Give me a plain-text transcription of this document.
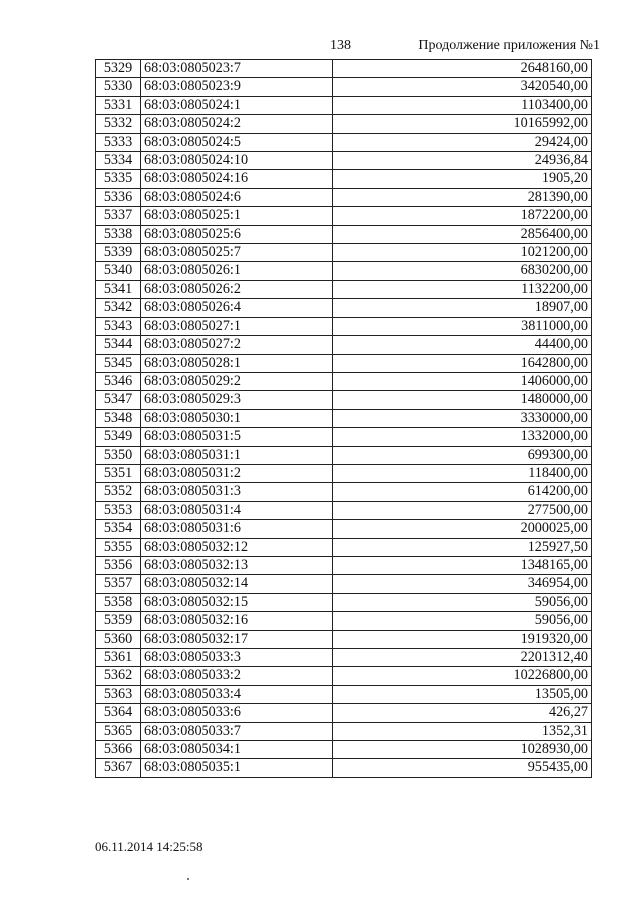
138	Продолжение приложения №1
5329	68:03:0805023:7	2648160,00
5330	68:03:0805023:9	3420540,00
5331	68:03:0805024:1	1103400,00
5332	68:03:0805024:2	10165992,00
5333	68:03:0805024:5	29424,00
5334	68:03:0805024:10	24936,84
5335	68:03:0805024:16	1905,20
5336	68:03:0805024:6	281390,00
5337	68:03:0805025:1	1872200,00
5338	68:03:0805025:6	2856400,00
5339	68:03:0805025:7	1021200,00
5340	68:03:0805026:1	6830200,00
5341	68:03:0805026:2	1132200,00
5342	68:03:0805026:4	18907,00
5343	68:03:0805027:1	3811000,00
5344	68:03:0805027:2	44400,00
5345	68:03:0805028:1	1642800,00
5346	68:03:0805029:2	1406000,00
5347	68:03:0805029:3	1480000,00
5348	68:03:0805030:1	3330000,00
5349	68:03:0805031:5	1332000,00
5350	68:03:0805031:1	699300,00
5351	68:03:0805031:2	118400,00
5352	68:03:0805031:3	614200,00
5353	68:03:0805031:4	277500,00
5354	68:03:0805031:6	2000025,00
5355	68:03:0805032:12	125927,50
5356	68:03:0805032:13	1348165,00
5357	68:03:0805032:14	346954,00
5358	68:03:0805032:15	59056,00
5359	68:03:0805032:16	59056,00
5360	68:03:0805032:17	1919320,00
5361	68:03:0805033:3	2201312,40
5362	68:03:0805033:2	10226800,00
5363	68:03:0805033:4	13505,00
5364	68:03:0805033:6	426,27
5365	68:03:0805033:7	1352,31
5366	68:03:0805034:1	1028930,00
5367	68:03:0805035:1	955435,00
06.11.2014 14:25:58
